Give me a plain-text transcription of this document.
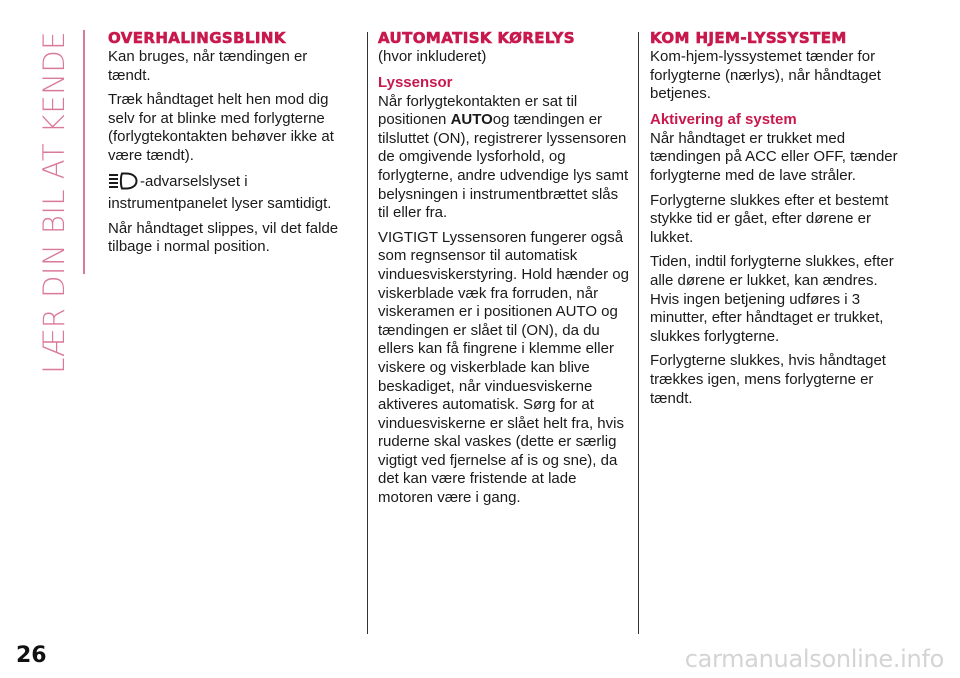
LÆR DIN BIL AT KENDE OVERHALINGSBLINK

Kan bruges, når tændingen er tændt.

Træk håndtaget helt hen mod dig selv for at blinke med forlygterne (forlygtekontakten behøver ikke at være tændt).

-advarselslyset i instrumentpanelet lyser samtidigt.

Når håndtaget slippes, vil det falde tilbage i normal position.

AUTOMATISK KØRELYS

(hvor inkluderet)

Lyssensor

Når forlygtekontakten er sat til positionen AUTOog tændingen er tilsluttet (ON), registrerer lyssensoren de omgivende lysforhold, og forlygterne, andre udvendige lys samt belysningen i instrumentbrættet slås til eller fra.

VIGTIGT Lyssensoren fungerer også som regnsensor til automatisk vinduesviskerstyring. Hold hænder og viskerblade væk fra forruden, når viskeramen er i positionen AUTO og tændingen er slået til (ON), da du ellers kan få fingrene i klemme eller viskere og viskerblade kan blive beskadiget, når vinduesviskerne aktiveres automatisk. Sørg for at vinduesviskerne er slået helt fra, hvis ruderne skal vaskes (dette er særlig vigtigt ved fjernelse af is og sne), da det kan være fristende at lade motoren være i gang.

KOM HJEM-LYSSYSTEM

Kom-hjem-lyssystemet tænder for forlygterne (nærlys), når håndtaget betjenes.

Aktivering af system

Når håndtaget er trukket med tændingen på ACC eller OFF, tænder forlygterne med de lave stråler.

Forlygterne slukkes efter et bestemt stykke tid er gået, efter dørene er lukket.

Tiden, indtil forlygterne slukkes, efter alle dørene er lukket, kan ændres. Hvis ingen betjening udføres i 3 minutter, efter håndtaget er trukket, slukkes forlygterne.

Forlygterne slukkes, hvis håndtaget trækkes igen, mens forlygterne er tændt.

26	carmanualsonline.info
